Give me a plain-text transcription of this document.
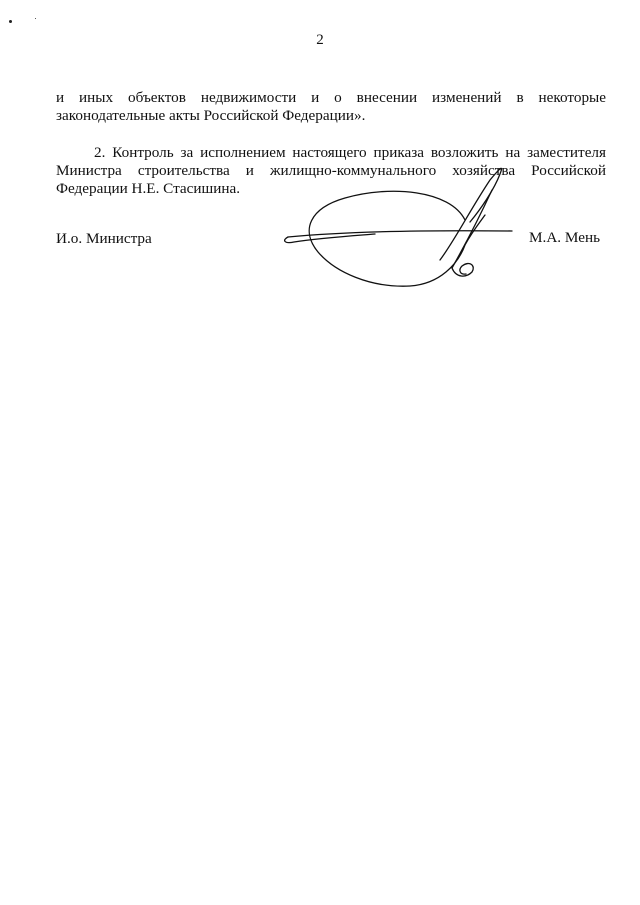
2

и иных объектов недвижимости и о внесении изменений в некоторые законодательные акты Российской Федерации».

2. Контроль за исполнением настоящего приказа возложить на заместителя Министра строительства и жилищно-коммунального хозяйства Российской Федерации Н.Е. Стасишина.

И.о. Министра	М.А. Мень
